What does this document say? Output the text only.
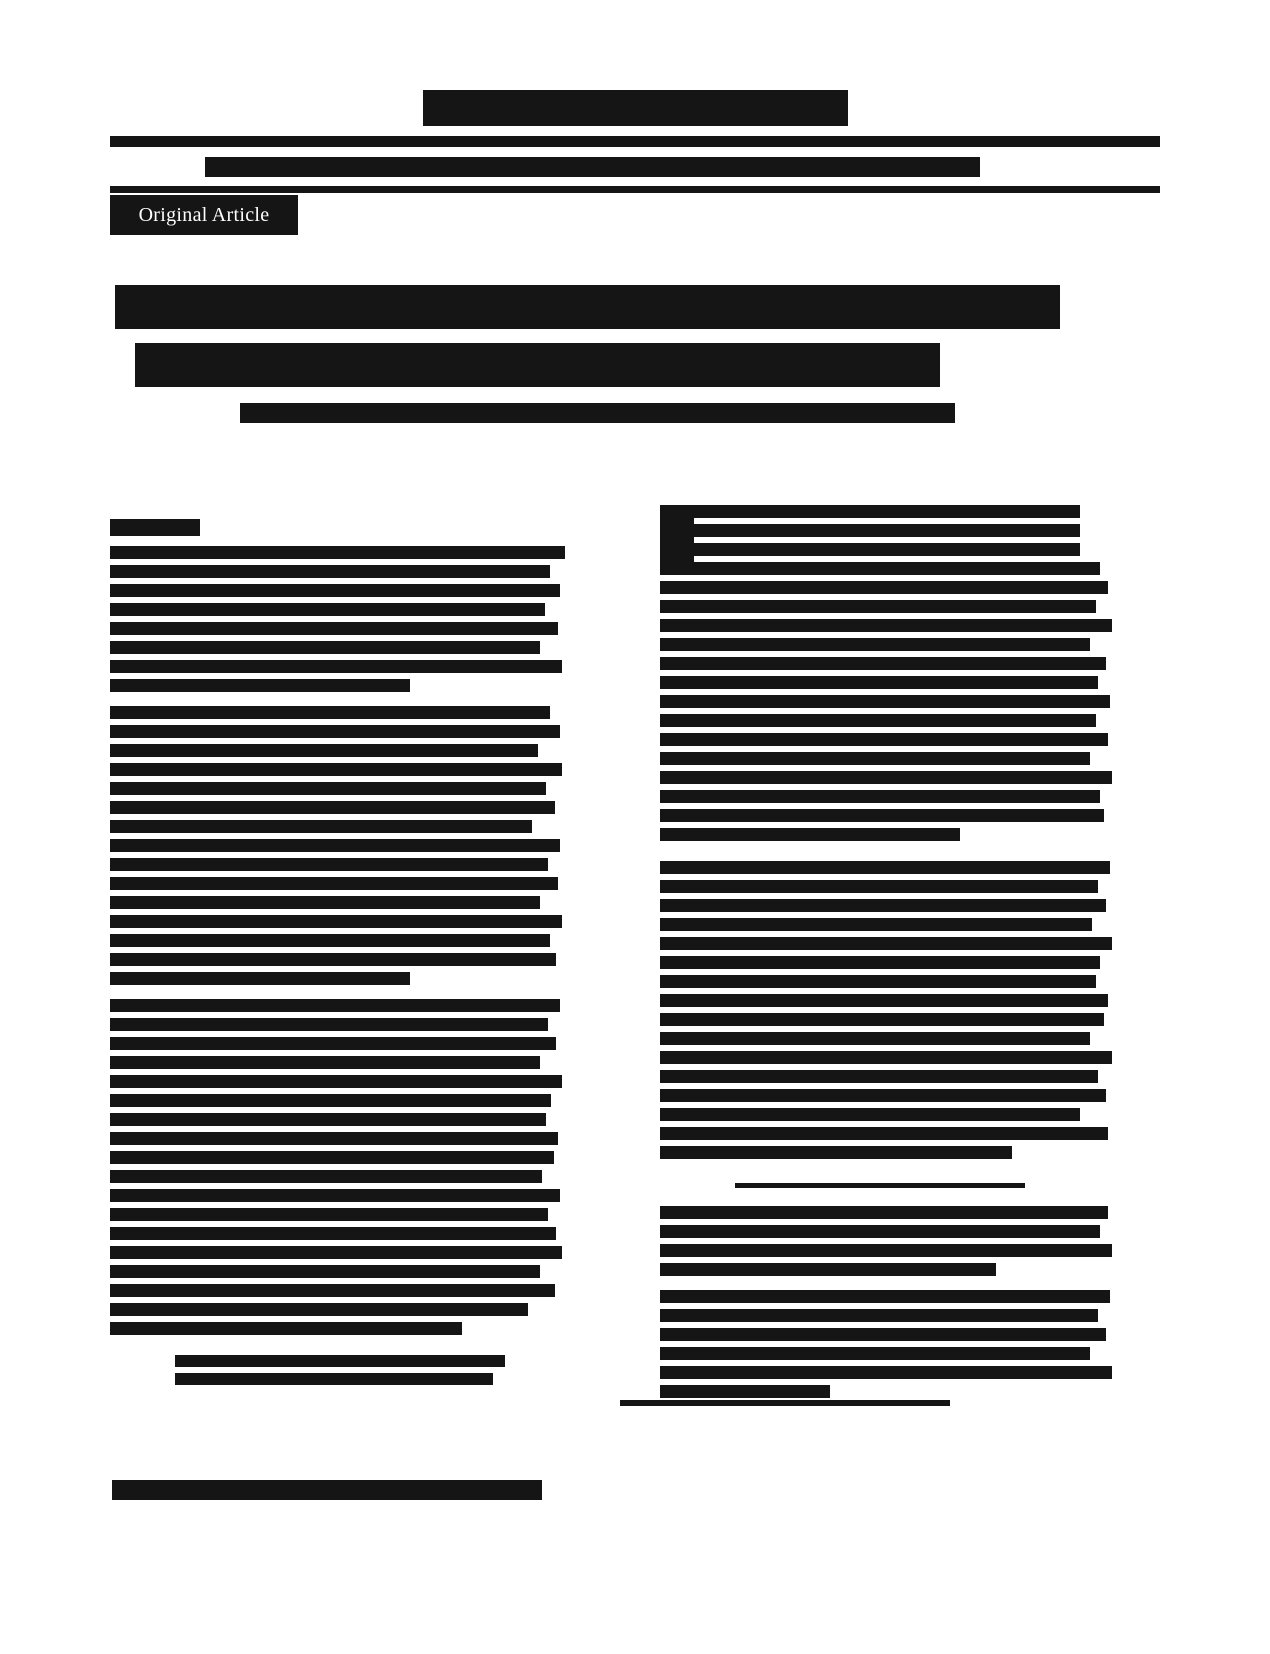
Original Article
